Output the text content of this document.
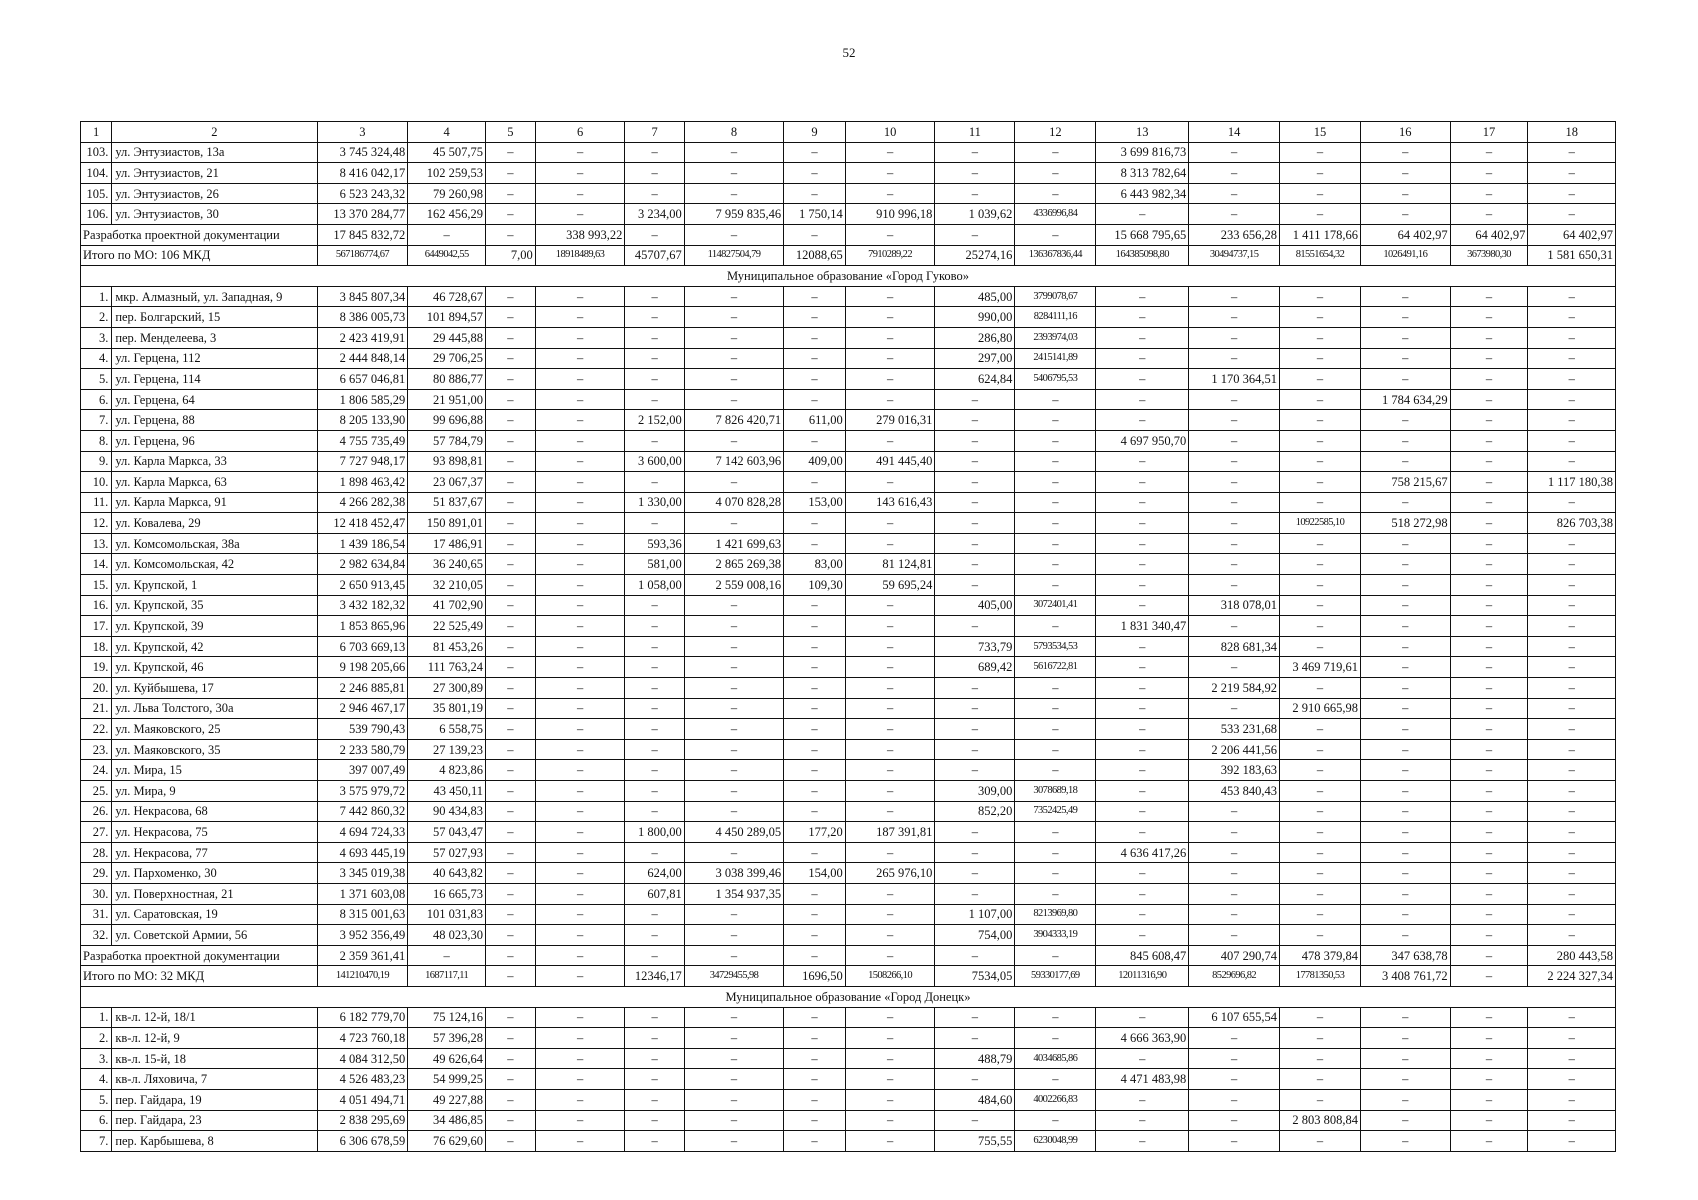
52
1	2	3	4	5	6	7	8	9	10	11	12	13	14	15	16	17	18
103.	ул. Энтузиастов, 13а	3 745 324,48	45 507,75	–	–	–	–	–	–	–	–	3 699 816,73	–	–	–	–	–
104.	ул. Энтузиастов, 21	8 416 042,17	102 259,53	–	–	–	–	–	–	–	–	8 313 782,64	–	–	–	–	–
105.	ул. Энтузиастов, 26	6 523 243,32	79 260,98	–	–	–	–	–	–	–	–	6 443 982,34	–	–	–	–	–
106.	ул. Энтузиастов, 30	13 370 284,77	162 456,29	–	–	3 234,00	7 959 835,46	1 750,14	910 996,18	1 039,62	4336996,84	–	–	–	–	–	–
Разработка проектной документации		17 845 832,72	–	–	338 993,22	–	–	–	–	–	–	15 668 795,65	233 656,28	1 411 178,66	64 402,97	64 402,97	64 402,97
Итого по МО: 106 МКД		567186774,67	6449042,55	7,00	18918489,63	45707,67	114827504,79	12088,65	7910289,22	25274,16	136367836,44	164385098,80	30494737,15	81551654,32	1026491,16	3673980,30	1 581 650,31
Муниципальное образование «Город Гуково»																	
1.	мкр. Алмазный, ул. Западная, 9	3 845 807,34	46 728,67	–	–	–	–	–	–	485,00	3799078,67	–	–	–	–	–	–
2.	пер. Болгарский, 15	8 386 005,73	101 894,57	–	–	–	–	–	–	990,00	8284111,16	–	–	–	–	–	–
3.	пер. Менделеева, 3	2 423 419,91	29 445,88	–	–	–	–	–	–	286,80	2393974,03	–	–	–	–	–	–
4.	ул. Герцена, 112	2 444 848,14	29 706,25	–	–	–	–	–	–	297,00	2415141,89	–	–	–	–	–	–
5.	ул. Герцена, 114	6 657 046,81	80 886,77	–	–	–	–	–	–	624,84	5406795,53	–	1 170 364,51	–	–	–	–
6.	ул. Герцена, 64	1 806 585,29	21 951,00	–	–	–	–	–	–	–	–	–	–	–	1 784 634,29	–	–
7.	ул. Герцена, 88	8 205 133,90	99 696,88	–	–	2 152,00	7 826 420,71	611,00	279 016,31	–	–	–	–	–	–	–	–
8.	ул. Герцена, 96	4 755 735,49	57 784,79	–	–	–	–	–	–	–	–	4 697 950,70	–	–	–	–	–
9.	ул. Карла Маркса, 33	7 727 948,17	93 898,81	–	–	3 600,00	7 142 603,96	409,00	491 445,40	–	–	–	–	–	–	–	–
10.	ул. Карла Маркса, 63	1 898 463,42	23 067,37	–	–	–	–	–	–	–	–	–	–	–	758 215,67	–	1 117 180,38
11.	ул. Карла Маркса, 91	4 266 282,38	51 837,67	–	–	1 330,00	4 070 828,28	153,00	143 616,43	–	–	–	–	–	–	–	–
12.	ул. Ковалева, 29	12 418 452,47	150 891,01	–	–	–	–	–	–	–	–	–	–	10922585,10	518 272,98	–	826 703,38
13.	ул. Комсомольская, 38а	1 439 186,54	17 486,91	–	–	593,36	1 421 699,63	–	–	–	–	–	–	–	–	–	–
14.	ул. Комсомольская, 42	2 982 634,84	36 240,65	–	–	581,00	2 865 269,38	83,00	81 124,81	–	–	–	–	–	–	–	–
15.	ул. Крупской, 1	2 650 913,45	32 210,05	–	–	1 058,00	2 559 008,16	109,30	59 695,24	–	–	–	–	–	–	–	–
16.	ул. Крупской, 35	3 432 182,32	41 702,90	–	–	–	–	–	–	405,00	3072401,41	–	318 078,01	–	–	–	–
17.	ул. Крупской, 39	1 853 865,96	22 525,49	–	–	–	–	–	–	–	–	1 831 340,47	–	–	–	–	–
18.	ул. Крупской, 42	6 703 669,13	81 453,26	–	–	–	–	–	–	733,79	5793534,53	–	828 681,34	–	–	–	–
19.	ул. Крупской, 46	9 198 205,66	111 763,24	–	–	–	–	–	–	689,42	5616722,81	–	–	3 469 719,61	–	–	–
20.	ул. Куйбышева, 17	2 246 885,81	27 300,89	–	–	–	–	–	–	–	–	–	2 219 584,92	–	–	–	–
21.	ул. Льва Толстого, 30а	2 946 467,17	35 801,19	–	–	–	–	–	–	–	–	–	–	2 910 665,98	–	–	–
22.	ул. Маяковского, 25	539 790,43	6 558,75	–	–	–	–	–	–	–	–	–	533 231,68	–	–	–	–
23.	ул. Маяковского, 35	2 233 580,79	27 139,23	–	–	–	–	–	–	–	–	–	2 206 441,56	–	–	–	–
24.	ул. Мира, 15	397 007,49	4 823,86	–	–	–	–	–	–	–	–	–	392 183,63	–	–	–	–
25.	ул. Мира, 9	3 575 979,72	43 450,11	–	–	–	–	–	–	309,00	3078689,18	–	453 840,43	–	–	–	–
26.	ул. Некрасова, 68	7 442 860,32	90 434,83	–	–	–	–	–	–	852,20	7352425,49	–	–	–	–	–	–
27.	ул. Некрасова, 75	4 694 724,33	57 043,47	–	–	1 800,00	4 450 289,05	177,20	187 391,81	–	–	–	–	–	–	–	–
28.	ул. Некрасова, 77	4 693 445,19	57 027,93	–	–	–	–	–	–	–	–	4 636 417,26	–	–	–	–	–
29.	ул. Пархоменко, 30	3 345 019,38	40 643,82	–	–	624,00	3 038 399,46	154,00	265 976,10	–	–	–	–	–	–	–	–
30.	ул. Поверхностная, 21	1 371 603,08	16 665,73	–	–	607,81	1 354 937,35	–	–	–	–	–	–	–	–	–	–
31.	ул. Саратовская, 19	8 315 001,63	101 031,83	–	–	–	–	–	–	1 107,00	8213969,80	–	–	–	–	–	–
32.	ул. Советской Армии, 56	3 952 356,49	48 023,30	–	–	–	–	–	–	754,00	3904333,19	–	–	–	–	–	–
Разработка проектной документации		2 359 361,41	–	–	–	–	–	–	–	–	–	845 608,47	407 290,74	478 379,84	347 638,78	–	280 443,58
Итого по МО: 32 МКД		141210470,19	1687117,11	–	–	12346,17	34729455,98	1696,50	1508266,10	7534,05	59330177,69	12011316,90	8529696,82	17781350,53	3 408 761,72	–	2 224 327,34
Муниципальное образование «Город Донецк»																	
1.	кв-л. 12-й, 18/1	6 182 779,70	75 124,16	–	–	–	–	–	–	–	–	–	6 107 655,54	–	–	–	–
2.	кв-л. 12-й, 9	4 723 760,18	57 396,28	–	–	–	–	–	–	–	–	4 666 363,90	–	–	–	–	–
3.	кв-л. 15-й, 18	4 084 312,50	49 626,64	–	–	–	–	–	–	488,79	4034685,86	–	–	–	–	–	–
4.	кв-л. Ляховича, 7	4 526 483,23	54 999,25	–	–	–	–	–	–	–	–	4 471 483,98	–	–	–	–	–
5.	пер. Гайдара, 19	4 051 494,71	49 227,88	–	–	–	–	–	–	484,60	4002266,83	–	–	–	–	–	–
6.	пер. Гайдара, 23	2 838 295,69	34 486,85	–	–	–	–	–	–	–	–	–	–	2 803 808,84	–	–	–
7.	пер. Карбышева, 8	6 306 678,59	76 629,60	–	–	–	–	–	–	755,55	6230048,99	–	–	–	–	–	–
